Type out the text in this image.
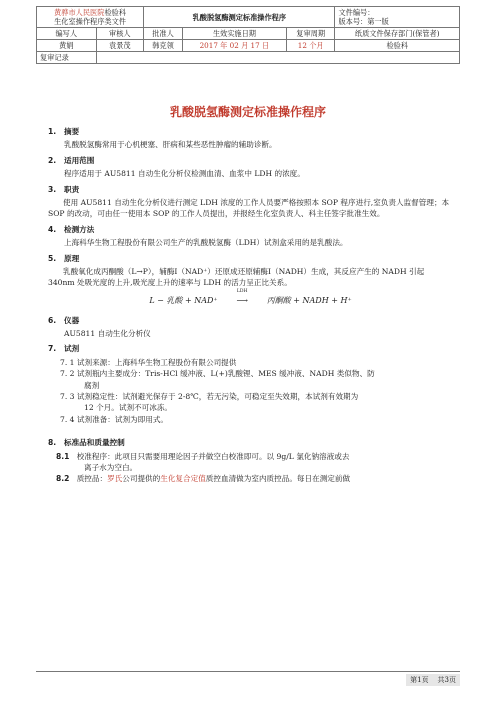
黄骅市人民医院检验科
生化室操作程序类文件		乳酸脱氢酶测定标准操作程序			文件编号：
版本号：第一版
编写人	审核人	批准人	生效实施日期	复审周期	纸质文件保存部门(保管者)
黄娟	袁景茂	韩克领	2017 年 02 月 17 日	12 个月	检验科
复审记录					
乳酸脱氢酶测定标准操作程序

1. 摘要

乳酸脱氢酶常用于心机梗塞、肝病和某些恶性肿瘤的辅助诊断。

2. 适用范围

程序适用于 AU5811 自动生化分析仪检测血清、血浆中 LDH 的浓度。

3. 职责

使用 AU5811 自动生化分析仪进行测定 LDH 浓度的工作人员要严格按照本 SOP 程序进行,室负责人监督管理；本 SOP 的改动，可由任一使用本 SOP 的工作人员提出，并报经生化室负责人、科主任签字批准生效。

4. 检测方法

上海科华生物工程股份有限公司生产的乳酸脱氢酶（LDH）试剂盒采用的是乳酸法。

5. 原理

乳酸氧化成丙酮酸（L→P），辅酶Ⅰ（NAD⁺）还原成还原辅酶Ⅰ（NADH）生成，其反应产生的 NADH 引起 340nm 处吸光度的上升,吸光度上升的速率与 LDH 的活力呈正比关系。

L − 乳酸 + NAD⁺
LDH
⟶ 丙酮酸 + NADH + H⁺

6. 仪器

AU5811 自动生化分析仪

7. 试剂

7. 1 试剂来源：上海科华生物工程股份有限公司提供
7. 2 试剂瓶内主要成分：Tris-HCl 缓冲液、L(+)乳酸锂、MES 缓冲液、NADH 类似物、防
腐剂
7. 3 试剂稳定性：试剂避光保存于 2-8℃，若无污染，可稳定至失效期，本试剂有效期为
12 个月。试剂不可冰冻。
7. 4 试剂准备：试剂为即用式。

8. 标准品和质量控制

8.1 校准程序：此项目只需要用理论因子并做空白校准即可。以 9g/L 氯化钠溶液或去
离子水为空白。
8.2 质控品：罗氏公司提供的生化复合定值质控血清做为室内质控品。每日在测定前做
第1页 共3页
